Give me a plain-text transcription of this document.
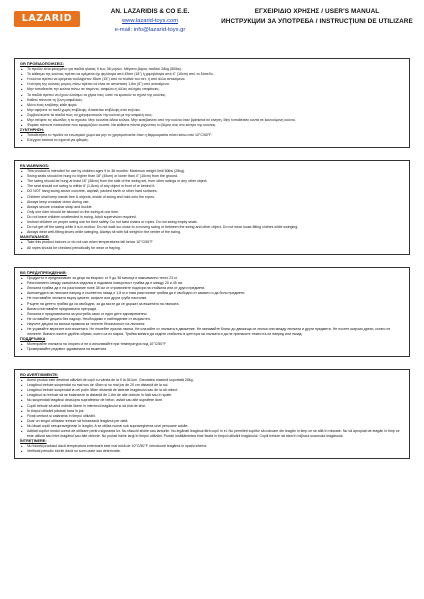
LAZARID
AN. LAZARIDIS & CO E.E.
www.lazarid-toys.com
e-mail: info@lazarid-toys.gr
ΕΓΧΕΙΡΙΔΙΟ ΧΡΗΣΗΣ / USER'S MANUAL
ИНСТРУКЦИИ ЗА УПОТРЕБА / INSTRUCŢIUNI DE UTILIZARE
GR ΠΡΟΕΙΔΟΠΟΙΗΣΕΙΣ:
• Το προϊόν είναι φτιαγμένο για παιδιά ηλικίας 9 έως 36 μηνών. Μέγιστο βάρος παιδιού 28kg (50lbs).
• Το κάθισμα της κούνιας πρέπει να κρέμεται όχι ψηλότερα από 45cm (18") ή χαμηλότερα από 4" (10cm) από το δάπεδο.
• Η κούνια πρέπει να κρέμεται τουλάχιστον 45cm (15") από τα πλαϊνά του σετ, ή από άλλα αντικείμενα.
• Η κίνηση της κούνιας μπρος-πίσω πρέπει να είναι σε απόσταση 1,8m (6") από αντικείμενα.
• Μην τοποθετείτε την κούνια πάνω σε τσιμέντο, ασφαλτο ή άλλες σκληρές επιφάνειες.
• Τα παιδιά πρέπει να έχουν κλείσιμο τα χέρια τους ώστε να κρατούν το σχοινί της κούνιας.
• Κάθετε πάντοτε τη ζώνη ασφάλειας.
• Μόνο ένας επιβάτης κάθε φορά.
• Μην αφήνετε το παιδί χωρίς επίβλεψη. Απαιτείται επίβλεψη από ενήλικα.
• Συμβουλεύστε τα παιδιά πώς να χρησιμοποιούν την κούνια με την ασφαλή τους.
• Μην στέψετε τις αλυσίδες ή τα σχοινιά. Μην κουνάτε άδεια κούνια. Μην κατεβαίνετε από την κούνια όταν βρίσκεται σε κίνηση. Μην τοποθετείτε κοντά σε κουνούμενη κούνια.
• Φοράτε πάντοτε παπούτσια που εφαρμόζουν σωστά. Να κάθεστε πάντα ρίχνοντας το βάρος σας στο κέντρο της κούνιας.
ΣΥΝΤΗΡΗΣΗ:
• Τοποθετήστε το προϊόν σε εσωτερικό χώρο και μην το χρησιμοποιείτε όταν η θερμοκρασία πέσει κάτω από 10°C/50°F.
• Ελέγχετε τακτικά τα σχοινιά για φθορές.
EN WARNINGS:
• This product is intended for use by children ages 9 to 36 months. Maximum weight limit 50lbs (28kg).
• Swing seats should be hung no higher than 18" (45cm) or lower than 4" (10cm) from the ground.
• The swing should be hung at least 15" (38cm) from the side of the swing set, from other swings or any other object.
• The seat should not swing to within 6' (1,8cm) of any object in front of or behind it.
• DO NOT hang swing above concrete, asphalt, packed earth or other hard surfaces.
• Children shall keep hands free & objects, inside of swing and hold onto the ropes.
• Always keep crossbar down during use.
• Always secure crossbar strap and buckle.
• Only one rider should be allowed on the swing at one time.
• Do not leave children unattended in swing. Adult supervision required.
• Instruct children on proper swing use for their safety: Do not twist chains or ropes. Do not swing empty seats.
• Do not get off the swing while it is in motion. Do not walk too close to a moving swing or between the swing and other object. Do not wear loose-fitting clothes while swinging.
• Always wear well-fitting shoes while swinging. Always sit with full weight in the center of the swing.
MAINTANANCE:
• Take this product indoors or do not use when temperatures fall below 10°C/50°F
• All ropes should be checked periodically for wear or fraying.
BG ПРЕДУПРЕЖДЕНИЯ:
• Продуктът е предназначен за деца на възраст от 9 до 36 месеца и максимално тегло 23 кг
• Разстоянието между окачената седалка и подовата повърхност трябва да е между 20 и 45 см.
• Люлката трябва да е на разстояние поне 38 см от страничните подпори на стойката или от други предмети.
• Амплитудата на люлката напред и съответно назад е 1,8 м и това разстояние трябва да е свободно от каквито и да било предмети.
• Не поставяйте люлката върху цимент, асфалт или други груби настилки.
• Ръцете на детето трябва да са свободни, за да могат да се държат за въжетата на люлката.
• Винаги поставяйте предпазната преграда.
• Люлката е предназначена за употреба само от едно дете едновременно.
• Не оставяйте децата без надзор. Необходимо е наблюдение от възрастен.
• Научете децата на всички правила за техните безопасност на люлката:
• Не усуквайте веригите или въжетата. Не люлейте празна люлка. Не слизайте от люлката в движение. Не минавайте близо до движеща се люлка или между люлката и други предмети. Не носете широки дрехи, когато се люлеете. Винаги носете удобни обувки, които са по мярка. Трябва винаги да седите стабилно в центъра на люлката и да не пренасяте тежестта си напред или назад.
ПОДДРЪЖКА
• Монтирайте люлката на открито и не я използвайте при температура под 10°C/50°F
• Проверявайте редовно здравината на въжетата
RO AVERTISMENTE:
• Acest produs este destinat utilizării de copii cu vârsta de la 9 la 36 luni. Greutatea maximă suportată 28kg.
• Leagănul trebuie suspendat nu mai sus de 45cm și nu mai jos de 20 cm distanță de la sol.
• Leagănul trebuie suspendat la cel puțin 38cm distanță de laterale leagănului sau de la alt obiect.
• Leagănul nu trebuie să se balanseze la distanță de 1,8m de alte obiecte în față sau în spate.
• Nu suspendați leagănul deasupra suprafețelor de beton, asfalt sau alte suprafețe dure.
• Copiii trebuie să aibă mâinile libere în interiorul leagănului și să țină de sfori.
• În timpul utilizării păstrați bara în jos.
• Fixați centura și cataramа în timpul utilizării.
• Doar un singur utilizator trebuie să folosească leagănul per dată.
• Nu lăsați copiii nesupravegheați în leagăn. A se utiliza numai sub supravegherea unei persoane adulte.
• Adițiați copilor modul corect de utilizare pentru siguranța lor. Nu răsuciți sforile sau lanțurile. Nu legănați leagănul fără copil în el. Nu permiteți copiilor să coboare din leagăn în timp ce se află în mișcare. Nu vă apropiați de leagăn în timp ce este utilizat sau între leagănul sau alte obiecte. Nu purtați haine largi în timpul utilizării. Purtați încălțămintea bine fixată în timpul utilizării leagănului. Copiii trebuie să stea în mijlocul scaunului leagănului.
ÎNTREȚINERE:
• Nu folosiți produsul dacă temperatura exterioară este mai mică de 10°C/50°F, introduceți leagănul în spațiu interior.
• Verificați periodic sforile dacă nu sunt uzate sau deteriorate.
